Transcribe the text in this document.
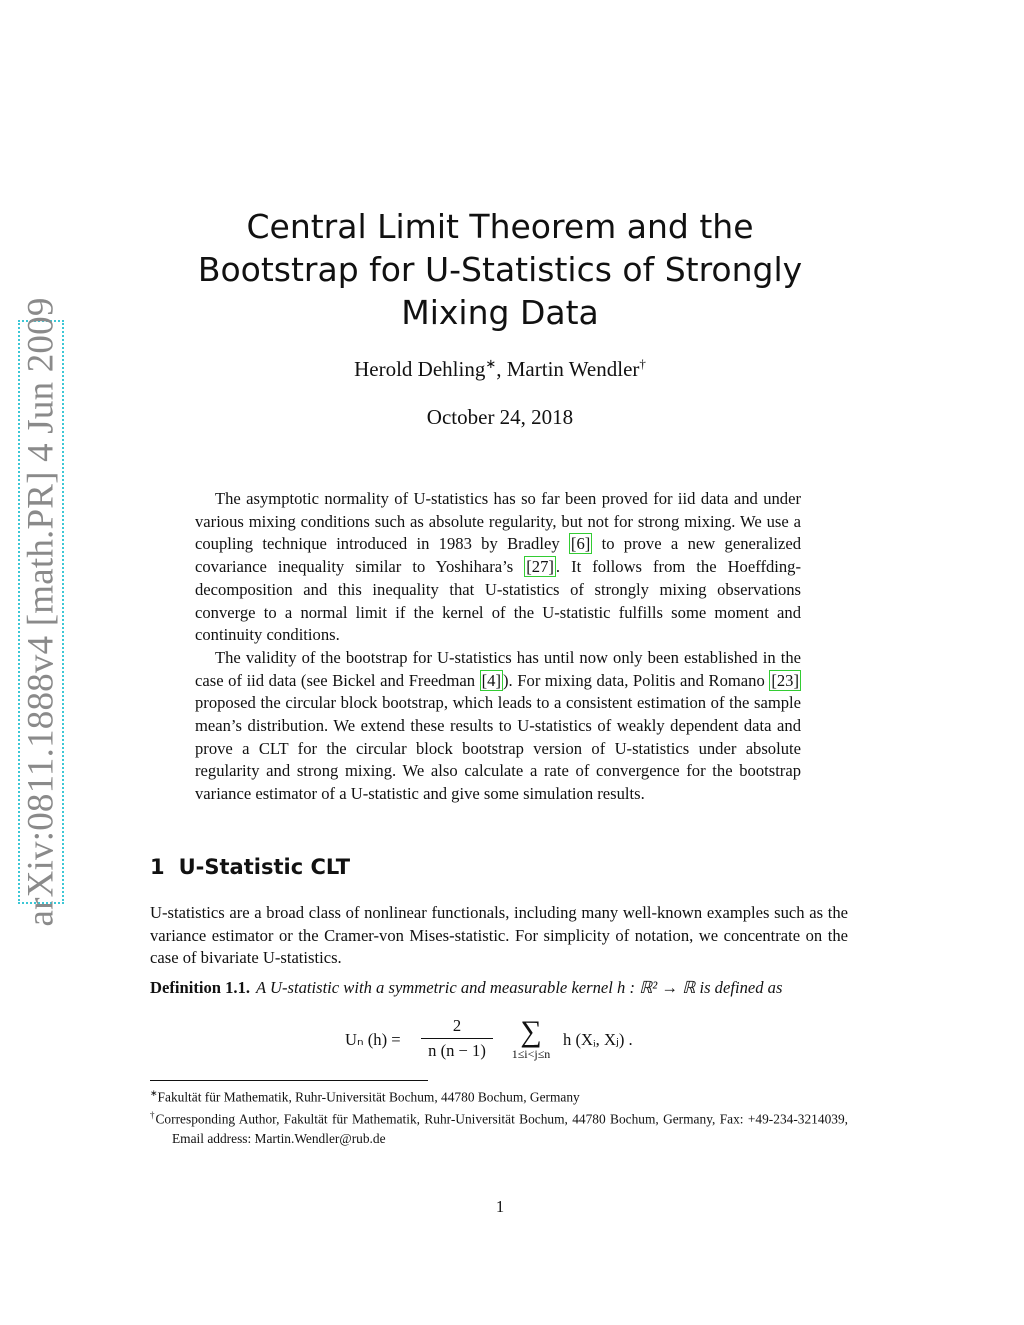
arXiv:0811.1888v4 [math.PR] 4 Jun 2009
Central Limit Theorem and the
Bootstrap for U-Statistics of Strongly
Mixing Data
Herold Dehling∗, Martin Wendler†
October 24, 2018

The asymptotic normality of U-statistics has so far been proved for iid data and under various mixing conditions such as absolute regularity, but not for strong mixing. We use a coupling technique introduced in 1983 by Bradley [6] to prove a new generalized covariance inequality similar to Yoshihara’s [27] . It follows from the Hoeffding-decomposition and this inequality that U-statistics of strongly mixing observations converge to a normal limit if the kernel of the U-statistic fulfills some moment and continuity conditions.

The validity of the bootstrap for U-statistics has until now only been established in the case of iid data (see Bickel and Freedman [4] ). For mixing data, Politis and Romano [23] proposed the circular block bootstrap, which leads to a consistent estimation of the sample mean’s distribution. We extend these results to U-statistics of weakly dependent data and prove a CLT for the circular block bootstrap version of U-statistics under absolute regularity and strong mixing. We also calculate a rate of convergence for the bootstrap variance estimator of a U-statistic and give some simulation results.

1 U-Statistic CLT

U-statistics are a broad class of nonlinear functionals, including many well-known examples such as the variance estimator or the Cramer-von Mises-statistic. For simplicity of notation, we concentrate on the case of bivariate U-statistics.

Definition 1.1. A U-statistic with a symmetric and measurable kernel h : ℝ² → ℝ is defined as
Uₙ (h) =
2
n (n − 1)
∑
1≤i<j≤n
h (Xᵢ, Xⱼ) .

∗Fakultät für Mathematik, Ruhr-Universität Bochum, 44780 Bochum, Germany

†Corresponding Author, Fakultät für Mathematik, Ruhr-Universität Bochum, 44780 Bochum, Germany, Fax: +49-234-3214039, Email address: Martin.Wendler@rub.de

1
